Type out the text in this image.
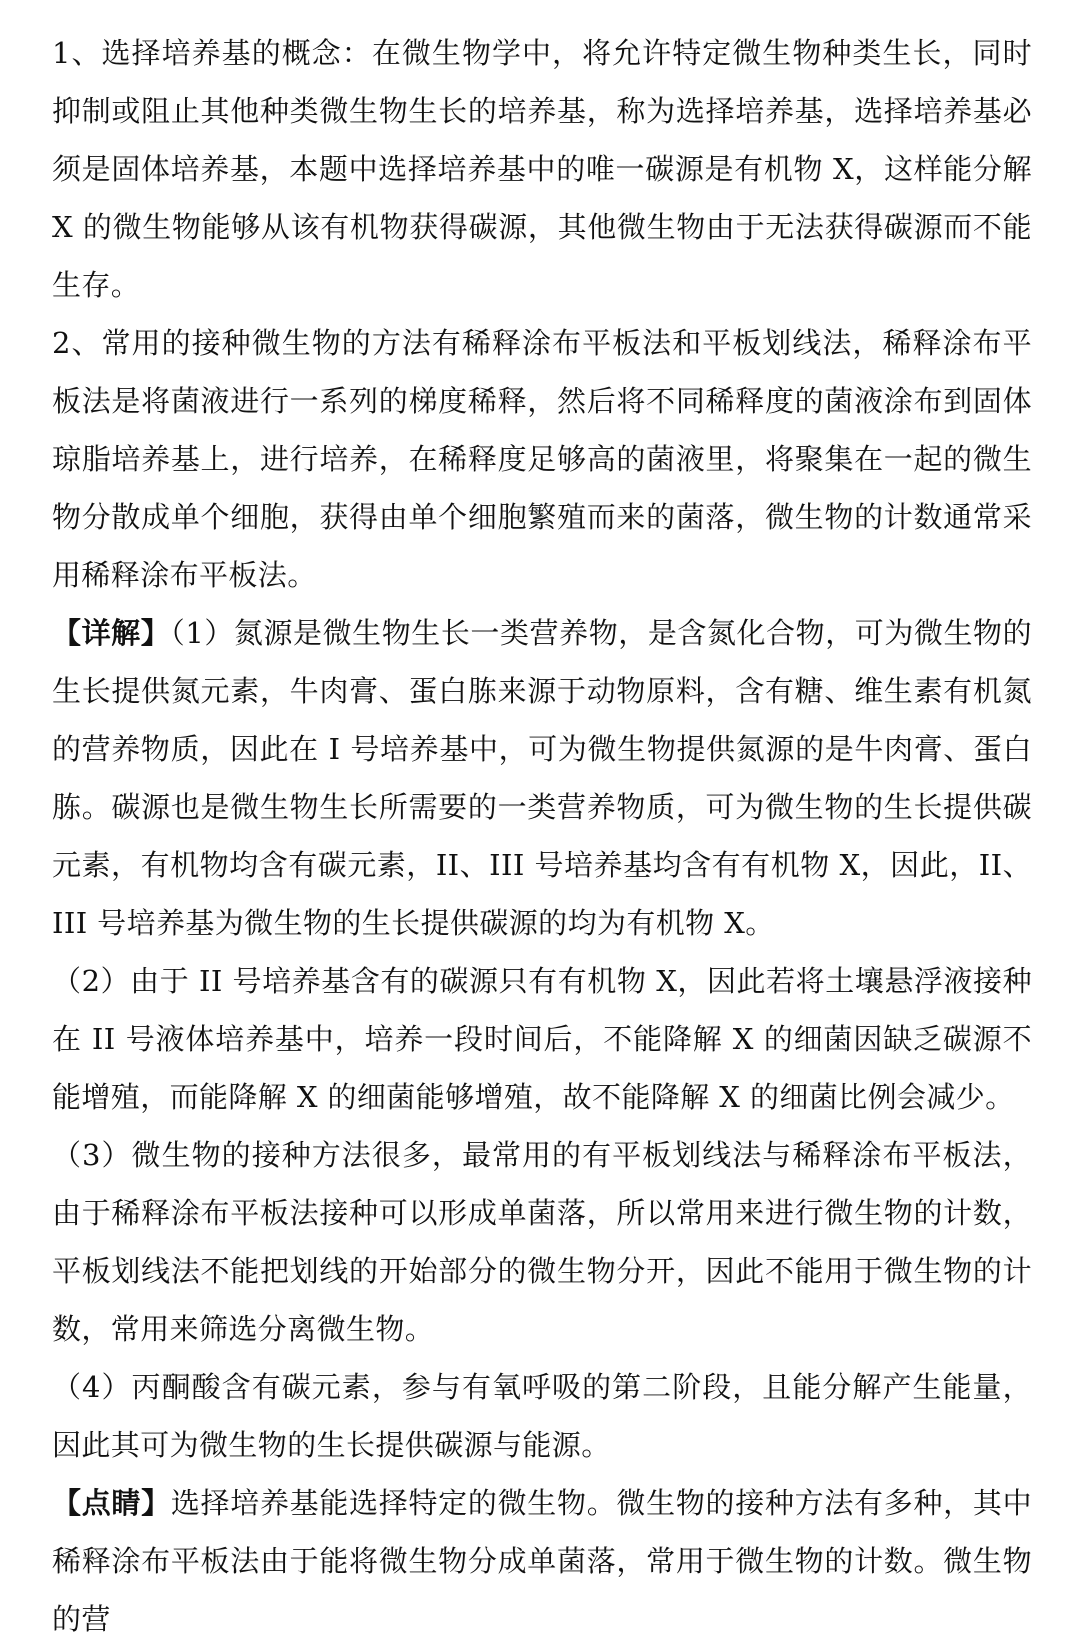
1、选择培养基的概念：在微生物学中，将允许特定微生物种类生长，同时抑制或阻止其他种类微生物生长的培养基，称为选择培养基，选择培养基必须是固体培养基，本题中选择培养基中的唯一碳源是有机物 X，这样能分解 X 的微生物能够从该有机物获得碳源，其他微生物由于无法获得碳源而不能生存。

2、常用的接种微生物的方法有稀释涂布平板法和平板划线法，稀释涂布平板法是将菌液进行一系列的梯度稀释，然后将不同稀释度的菌液涂布到固体琼脂培养基上，进行培养，在稀释度足够高的菌液里，将聚集在一起的微生物分散成单个细胞，获得由单个细胞繁殖而来的菌落，微生物的计数通常采用稀释涂布平板法。

【详解】（1）氮源是微生物生长一类营养物，是含氮化合物，可为微生物的生长提供氮元素，牛肉膏、蛋白胨来源于动物原料，含有糖、维生素有机氮的营养物质，因此在 I 号培养基中，可为微生物提供氮源的是牛肉膏、蛋白胨。碳源也是微生物生长所需要的一类营养物质，可为微生物的生长提供碳元素，有机物均含有碳元素，II、III 号培养基均含有有机物 X，因此，II、III 号培养基为微生物的生长提供碳源的均为有机物 X。

（2）由于 II 号培养基含有的碳源只有有机物 X，因此若将土壤悬浮液接种在 II 号液体培养基中，培养一段时间后，不能降解 X 的细菌因缺乏碳源不能增殖，而能降解 X 的细菌能够增殖，故不能降解 X 的细菌比例会减少。

（3）微生物的接种方法很多，最常用的有平板划线法与稀释涂布平板法，由于稀释涂布平板法接种可以形成单菌落，所以常用来进行微生物的计数，平板划线法不能把划线的开始部分的微生物分开，因此不能用于微生物的计数，常用来筛选分离微生物。

（4）丙酮酸含有碳元素，参与有氧呼吸的第二阶段，且能分解产生能量，因此其可为微生物的生长提供碳源与能源。

【点睛】选择培养基能选择特定的微生物。微生物的接种方法有多种，其中稀释涂布平板法由于能将微生物分成单菌落，常用于微生物的计数。微生物的营
